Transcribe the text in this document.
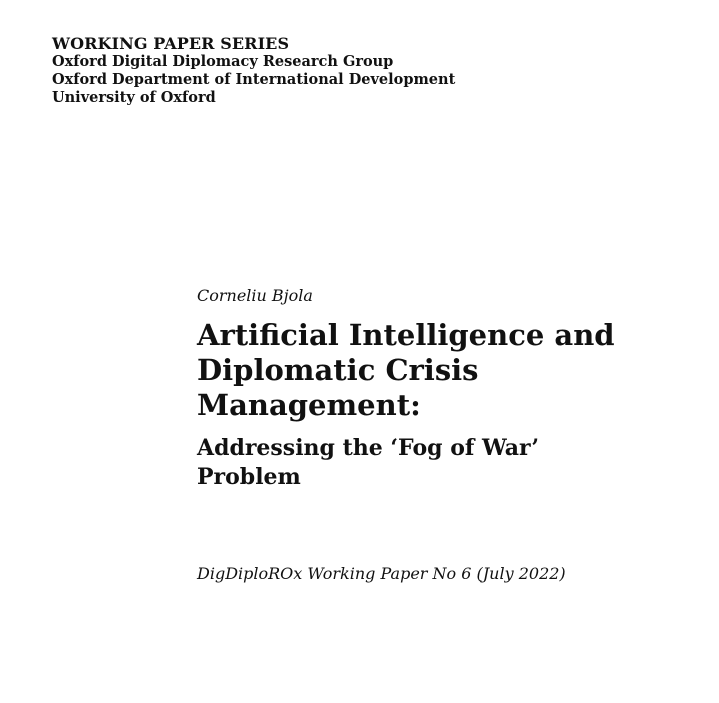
WORKING PAPER SERIES
Oxford Digital Diplomacy Research Group
Oxford Department of International Development
University of Oxford
Corneliu Bjola
Artificial Intelligence and
Diplomatic Crisis
Management:
Addressing the ‘Fog of War’
Problem
DigDiploROx Working Paper No 6 (July 2022)
